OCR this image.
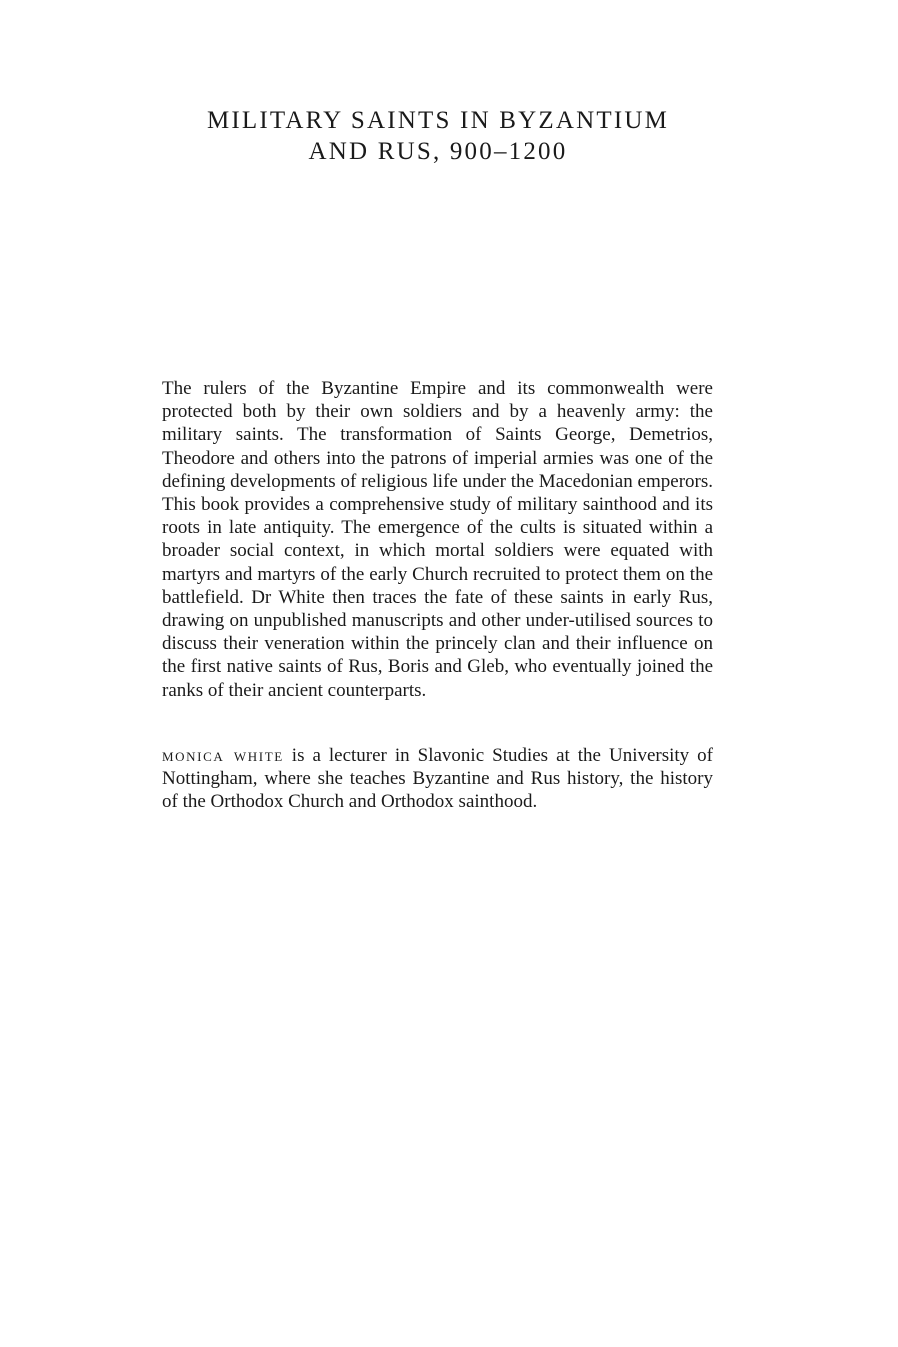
MILITARY SAINTS IN BYZANTIUM
AND RUS, 900–1200

The rulers of the Byzantine Empire and its commonwealth were protected both by their own soldiers and by a heavenly army: the military saints. The transformation of Saints George, Demetrios, Theodore and others into the patrons of imperial armies was one of the defining developments of religious life under the Macedonian emperors. This book provides a comprehensive study of military sainthood and its roots in late antiquity. The emergence of the cults is situated within a broader social context, in which mortal soldiers were equated with martyrs and martyrs of the early Church recruited to protect them on the battlefield. Dr White then traces the fate of these saints in early Rus, drawing on unpublished manuscripts and other under-utilised sources to discuss their veneration within the princely clan and their influence on the first native saints of Rus, Boris and Gleb, who eventually joined the ranks of their ancient counterparts.

monica white is a lecturer in Slavonic Studies at the University of Nottingham, where she teaches Byzantine and Rus history, the history of the Orthodox Church and Orthodox sainthood.
